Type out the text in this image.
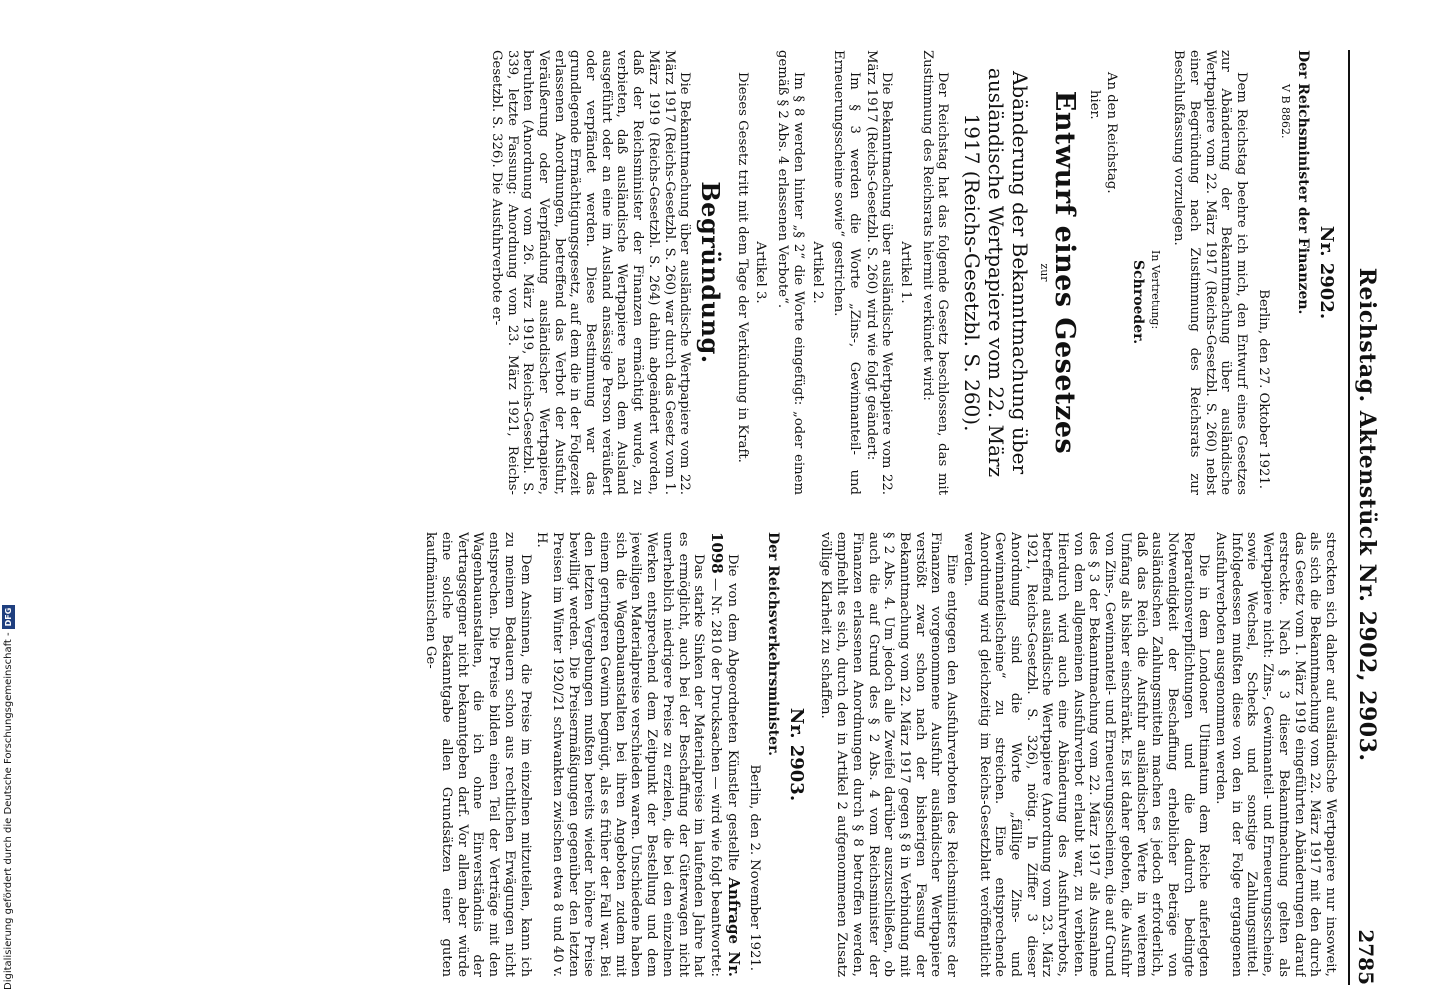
Reichstag. Aktenstück Nr. 2902, 2903.
2785
Nr. 2902.
Der Reichsminister der Finanzen.
V B 8862.
Berlin, den 27. Oktober 1921.

Dem Reichstag beehre ich mich, den Entwurf eines Gesetzes zur Abänderung der Bekanntmachung über ausländische Wertpapiere vom 22. März 1917 (Reichs-Gesetzbl. S. 260) nebst einer Begründung nach Zustimmung des Reichsrats zur Beschlußfassung vorzulegen.

In Vertretung:
Schroeder.

An den Reichstag.

hier.
Entwurf eines Gesetzes
zur
Abänderung der Bekanntmachung über ausländische Wertpapiere vom 22. März 1917 (Reichs-Gesetzbl. S. 260).

Der Reichstag hat das folgende Gesetz beschlossen, das mit Zustimmung des Reichsrats hiermit verkündet wird:

Artikel 1.

Die Bekanntmachung über ausländische Wertpapiere vom 22. März 1917 (Reichs-Gesetzbl. S. 260) wird wie folgt geändert:

Im § 3 werden die Worte „Zins-, Gewinnanteil- und Erneuerungsscheine sowie“ gestrichen.

Artikel 2.

Im § 8 werden hinter „§ 2“ die Worte eingefügt: „oder einem gemäß § 2 Abs. 4 erlassenen Verbote“.

Artikel 3.

Dieses Gesetz tritt mit dem Tage der Verkündung in Kraft.

Begründung.

Die Bekanntmachung über ausländische Wertpapiere vom 22. März 1917 (Reichs-Gesetzbl. S. 260) war durch das Gesetz vom 1. März 1919 (Reichs-Gesetzbl. S. 264) dahin abgeändert worden, daß der Reichsminister der Finanzen ermächtigt wurde, zu verbieten, daß ausländische Wertpapiere nach dem Ausland ausgeführt oder an eine im Ausland ansässige Person veräußert oder verpfändet werden. Diese Bestimmung war das grundlegende Ermächtigungsgesetz, auf dem die in der Folgezeit erlassenen Anordnungen, betreffend das Verbot der Ausfuhr, Veräußerung oder Verpfändung ausländischer Wertpapiere, beruhten (Anordnung vom 26. März 1919, Reichs-Gesetzbl. S. 339, letzte Fassung: Anordnung vom 23. März 1921, Reichs-Gesetzbl. S. 326). Die Ausfuhrverbote er-

streckten sich daher auf ausländische Wertpapiere nur insoweit, als sich die Bekanntmachung vom 22. März 1917 mit den durch das Gesetz vom 1. März 1919 eingeführten Abänderungen darauf erstreckte. Nach § 3 dieser Bekanntmachung gelten als Wertpapiere nicht: Zins-, Gewinnanteil- und Erneuerungsscheine, sowie Wechsel, Schecks und sonstige Zahlungsmittel. Infolgedessen mußten diese von den in der Folge ergangenen Ausfuhrverboten ausgenommen werden.

Die in dem Londoner Ultimatum dem Reiche auferlegten Reparationsverpflichtungen und die dadurch bedingte Notwendigkeit der Beschaffung erheblicher Beträge von ausländischen Zahlungsmitteln machen es jedoch erforderlich, daß das Reich die Ausfuhr ausländischer Werte in weiterem Umfang als bisher einschränkt. Es ist daher geboten, die Ausfuhr von Zins-, Gewinnanteil- und Erneuerungsscheinen, die auf Grund des § 3 der Bekanntmachung vom 22. März 1917 als Ausnahme von dem allgemeinen Ausfuhrverbot erlaubt war, zu verbieten. Hierdurch wird auch eine Abänderung des Ausfuhrverbots, betreffend ausländische Wertpapiere (Anordnung vom 23. März 1921, Reichs-Gesetzbl. S. 326), nötig. In Ziffer 3 dieser Anordnung sind die Worte „fällige Zins- und Gewinnanteilscheine“ zu streichen. Eine entsprechende Anordnung wird gleichzeitig im Reichs-Gesetzblatt veröffentlicht werden.

Eine entgegen den Ausfuhrverboten des Reichsministers der Finanzen vorgenommene Ausfuhr ausländischer Wertpapiere verstößt zwar schon nach der bisherigen Fassung der Bekanntmachung vom 22. März 1917 gegen § 8 in Verbindung mit § 2 Abs. 4. Um jedoch alle Zweifel darüber auszuschließen, ob auch die auf Grund des § 2 Abs. 4 vom Reichsminister der Finanzen erlassenen Anordnungen durch § 8 betroffen werden, empfiehlt es sich, durch den in Artikel 2 aufgenommenen Zusatz völlige Klarheit zu schaffen.

Nr. 2903.
Der Reichsverkehrsminister.
Berlin, den 2. November 1921.

Die von dem Abgeordneten Künstler gestellte Anfrage Nr. 1098 — Nr. 2810 der Drucksachen — wird wie folgt beantwortet:

Das starke Sinken der Materialpreise im laufenden Jahre hat es ermöglicht, auch bei der Beschaffung der Güterwagen nicht unerheblich niedrigere Preise zu erzielen, die bei den einzelnen Werken entsprechend dem Zeitpunkt der Bestellung und dem jeweiligen Materialpreise verschieden waren. Unschiedene haben sich die Wagenbauanstalten bei ihren Angeboten zudem mit einem geringeren Gewinn begnügt, als es früher der Fall war. Bei den letzten Vergebungen mußten bereits wieder höhere Preise bewilligt werden. Die Preisermäßigungen gegenüber den letzten Preisen im Winter 1920/21 schwankten zwischen etwa 8 und 40 v. H.

Dem Ansinnen, die Preise im einzelnen mitzuteilen, kann ich zu meinem Bedauern schon aus rechtlichen Erwägungen nicht entsprechen. Die Preise bilden einen Teil der Verträge mit den Wagenbauanstalten, die ich ohne Einverständnis der Vertragsgegner nicht bekanntgeben darf. Vor allem aber würde eine solche Bekanntgabe allen Grundsätzen einer guten kaufmännischen Ge-

Digitalisierung gefördert durch die Deutsche Forschungsgemeinschaft -
DFG
